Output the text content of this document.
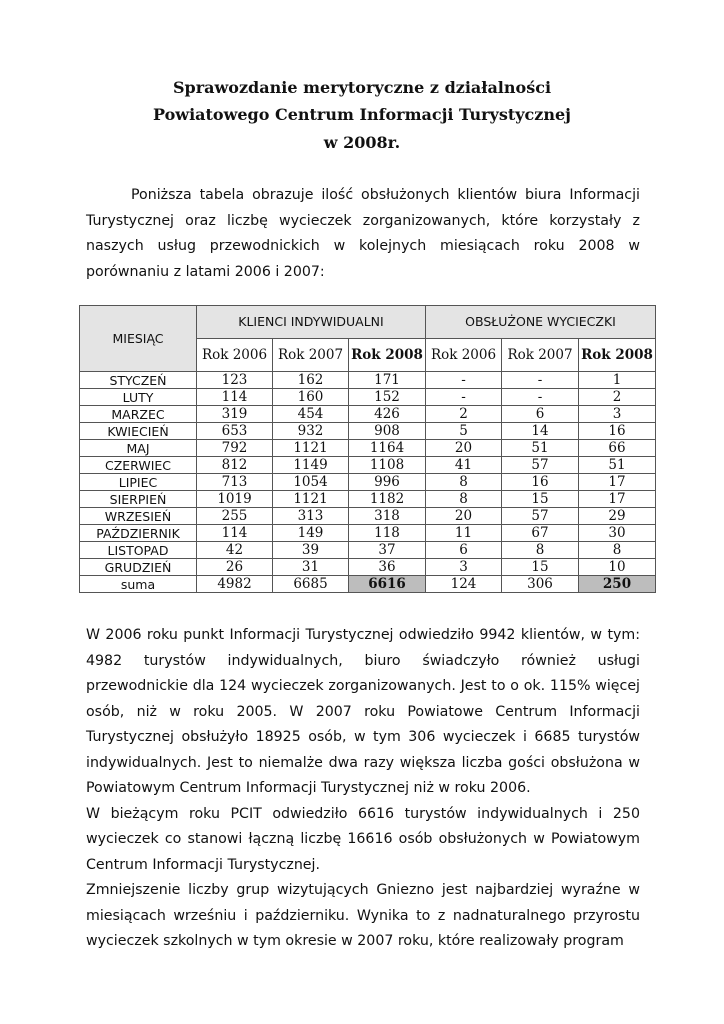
Sprawozdanie merytoryczne z działalności
Powiatowego Centrum Informacji Turystycznej
w 2008r.

Poniższa tabela obrazuje ilość obsłużonych klientów biura Informacji Turystycznej oraz liczbę wycieczek zorganizowanych, które korzystały z naszych usług przewodnickich w kolejnych miesiącach roku 2008 w porównaniu z latami 2006 i 2007:

MIESIĄC	KLIENCI INDYWIDUALNI			OBSŁUŻONE WYCIECZKI		
	Rok 2006	Rok 2007	Rok 2008	Rok 2006	Rok 2007	Rok 2008
STYCZEŃ	123	162	171	-	-	1
LUTY	114	160	152	-	-	2
MARZEC	319	454	426	2	6	3
KWIECIEŃ	653	932	908	5	14	16
MAJ	792	1121	1164	20	51	66
CZERWIEC	812	1149	1108	41	57	51
LIPIEC	713	1054	996	8	16	17
SIERPIEŃ	1019	1121	1182	8	15	17
WRZESIEŃ	255	313	318	20	57	29
PAŹDZIERNIK	114	149	118	11	67	30
LISTOPAD	42	39	37	6	8	8
GRUDZIEŃ	26	31	36	3	15	10
suma	4982	6685	6616	124	306	250
W 2006 roku punkt Informacji Turystycznej odwiedziło 9942 klientów, w tym: 4982 turystów indywidualnych, biuro świadczyło również usługi przewodnickie dla 124 wycieczek zorganizowanych. Jest to o ok. 115% więcej osób, niż w roku 2005. W 2007 roku Powiatowe Centrum Informacji Turystycznej obsłużyło 18925 osób, w tym 306 wycieczek i 6685 turystów indywidualnych. Jest to niemalże dwa razy większa liczba gości obsłużona w Powiatowym Centrum Informacji Turystycznej niż w roku 2006.
W bieżącym roku PCIT odwiedziło 6616 turystów indywidualnych i 250 wycieczek co stanowi łączną liczbę 16616 osób obsłużonych w Powiatowym Centrum Informacji Turystycznej.
Zmniejszenie liczby grup wizytujących Gniezno jest najbardziej wyraźne w miesiącach wrześniu i październiku. Wynika to z nadnaturalnego przyrostu wycieczek szkolnych w tym okresie w 2007 roku, które realizowały program
